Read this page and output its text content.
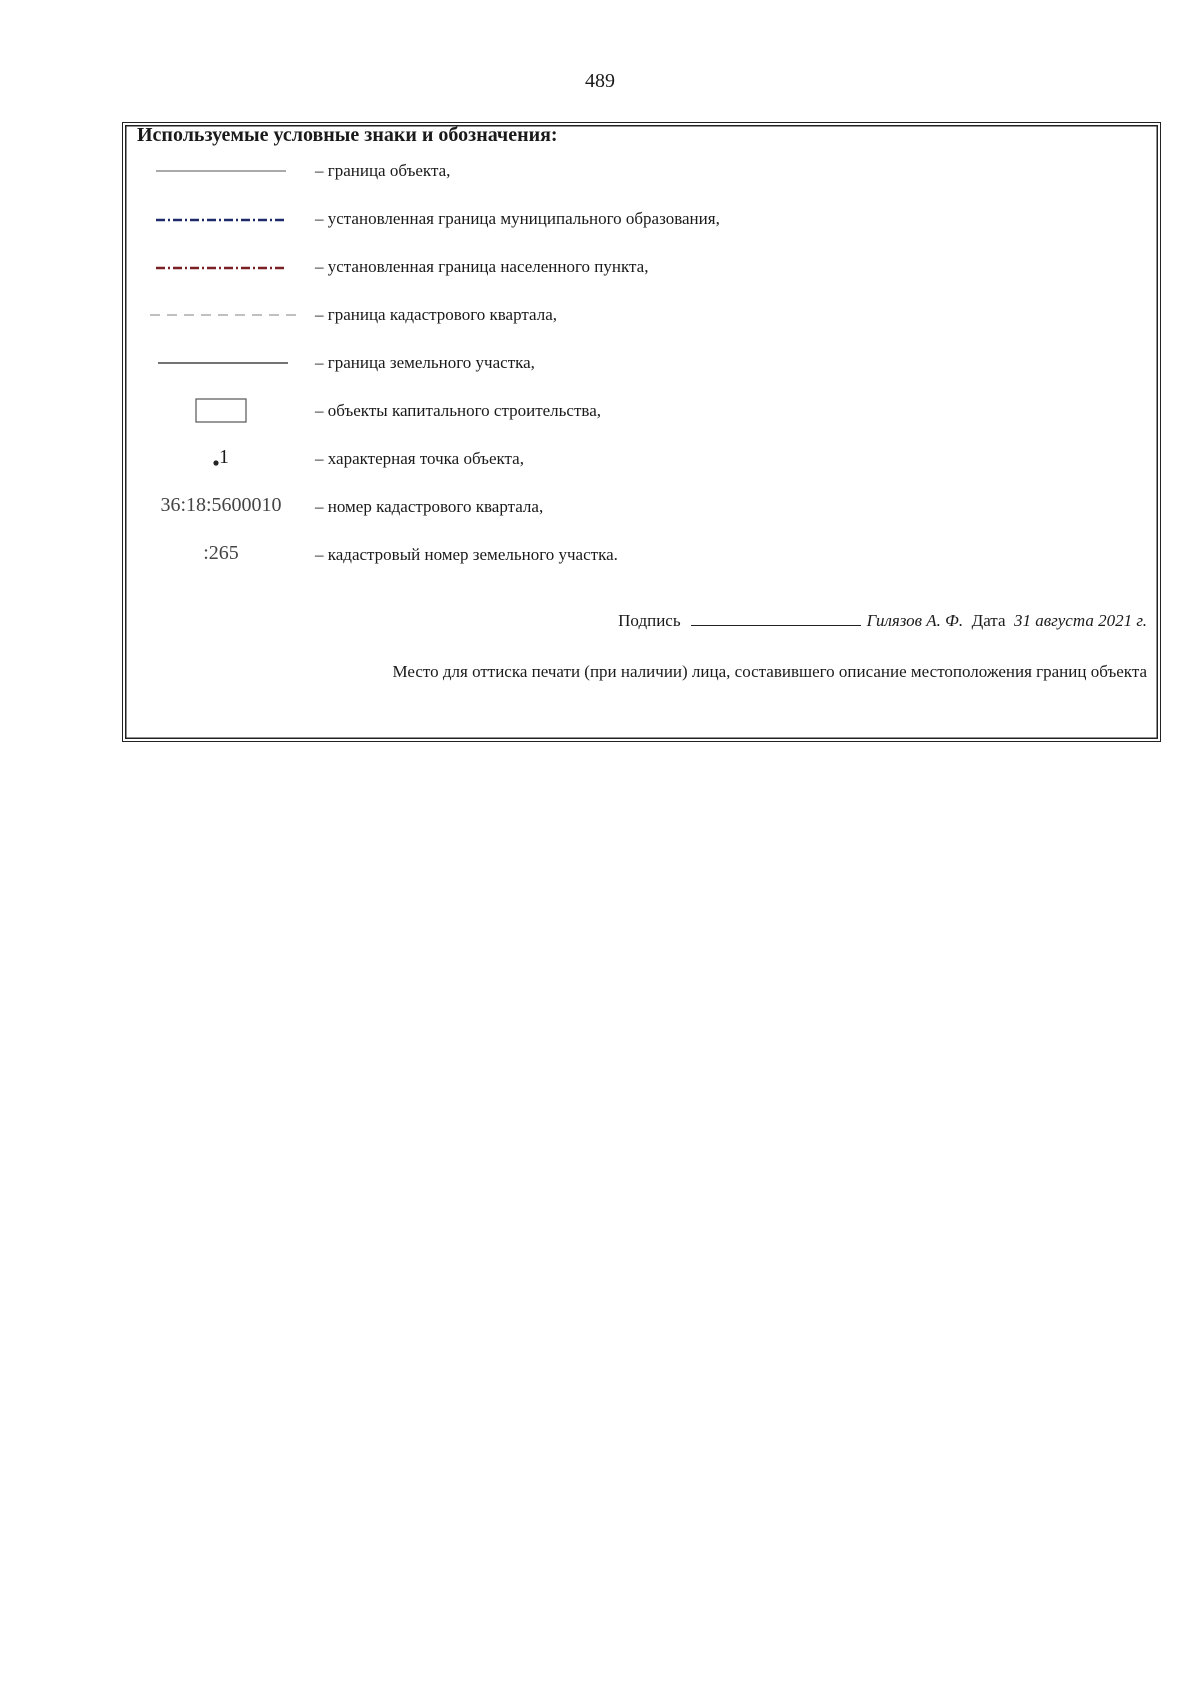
489
Используемые условные знаки и обозначения:
– граница объекта,
– установленная граница муниципального образования,
– установленная граница населенного пункта,
– граница кадастрового квартала,
– граница земельного участка,
– объекты капитального строительства,
1	– характерная точка объекта,
36:18:5600010	– номер кадастрового квартала,
:265	– кадастровый номер земельного участка.
Подпись	Гилязов А. Ф. Дата 31 августа 2021 г.
Место для оттиска печати (при наличии) лица, составившего описание местоположения границ объекта
